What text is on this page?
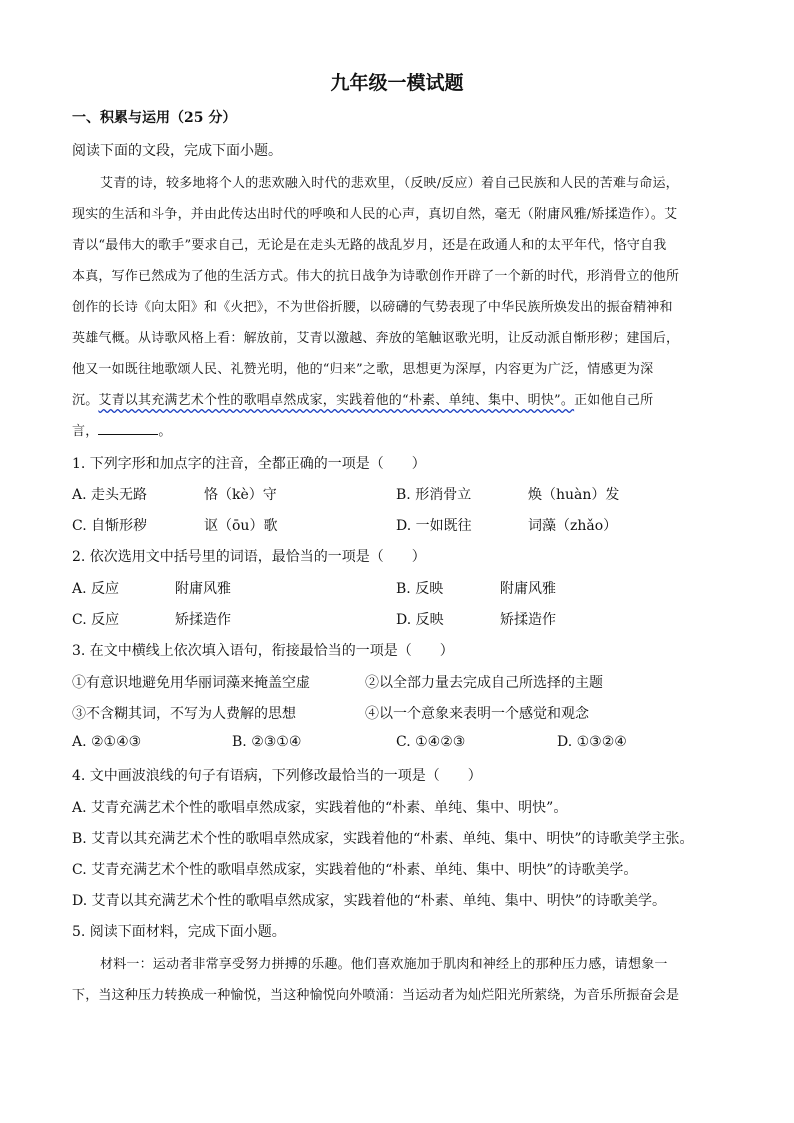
九年级一模试题
一、积累与运用（25 分）
阅读下面的文段，完成下面小题。
艾青的诗，较多地将个人的悲欢融入时代的悲欢里，（反映/反应）着自己民族和人民的苦难与命运，
现实的生活和斗争，并由此传达出时代的呼唤和人民的心声，真切自然，毫无（附庸风雅/矫揉造作）。艾
青以“最伟大的歌手”要求自己，无论是在走头无路的战乱岁月，还是在政通人和的太平年代，恪守自我
本真，写作已然成为了他的生活方式。伟大的抗日战争为诗歌创作开辟了一个新的时代，形消骨立的他所
创作的长诗《向太阳》和《火把》，不为世俗折腰，以磅礴的气势表现了中华民族所焕发出的振奋精神和
英雄气概。从诗歌风格上看：解放前，艾青以激越、奔放的笔触讴歌光明，让反动派自惭形秽；建国后，
他又一如既往地歌颂人民、礼赞光明，他的“归来”之歌，思想更为深厚，内容更为广泛，情感更为深
沉。艾青以其充满艺术个性的歌唱卓然成家，实践着他的“朴素、单纯、集中、明快”。正如他自己所
言，	。
1. 下列字形和加点字的注音，全都正确的一项是（　　）
A. 走头无路	恪（kè）守	B. 形消骨立	焕（huàn）发
C. 自惭形秽	讴（ōu）歌	D. 一如既往	词藻（zhǎo）
2. 依次选用文中括号里的词语，最恰当的一项是（　　）
A. 反应	附庸风雅	B. 反映	附庸风雅
C. 反应	矫揉造作	D. 反映	矫揉造作
3. 在文中横线上依次填入语句，衔接最恰当的一项是（　　）
①有意识地避免用华丽词藻来掩盖空虚	②以全部力量去完成自己所选择的主题
③不含糊其词，不写为人费解的思想	④以一个意象来表明一个感觉和观念
A. ②①④③	B. ②③①④	C. ①④②③	D. ①③②④
4. 文中画波浪线的句子有语病，下列修改最恰当的一项是（　　）
A. 艾青充满艺术个性的歌唱卓然成家，实践着他的“朴素、单纯、集中、明快”。
B. 艾青以其充满艺术个性的歌唱卓然成家，实践着他的“朴素、单纯、集中、明快”的诗歌美学主张。
C. 艾青充满艺术个性的歌唱卓然成家，实践着他的“朴素、单纯、集中、明快”的诗歌美学。
D. 艾青以其充满艺术个性的歌唱卓然成家，实践着他的“朴素、单纯、集中、明快”的诗歌美学。
5. 阅读下面材料，完成下面小题。
材料一：运动者非常享受努力拼搏的乐趣。他们喜欢施加于肌肉和神经上的那种压力感，请想象一
下，当这种压力转换成一种愉悦，当这种愉悦向外喷涌：当运动者为灿烂阳光所萦绕，为音乐所振奋会是
